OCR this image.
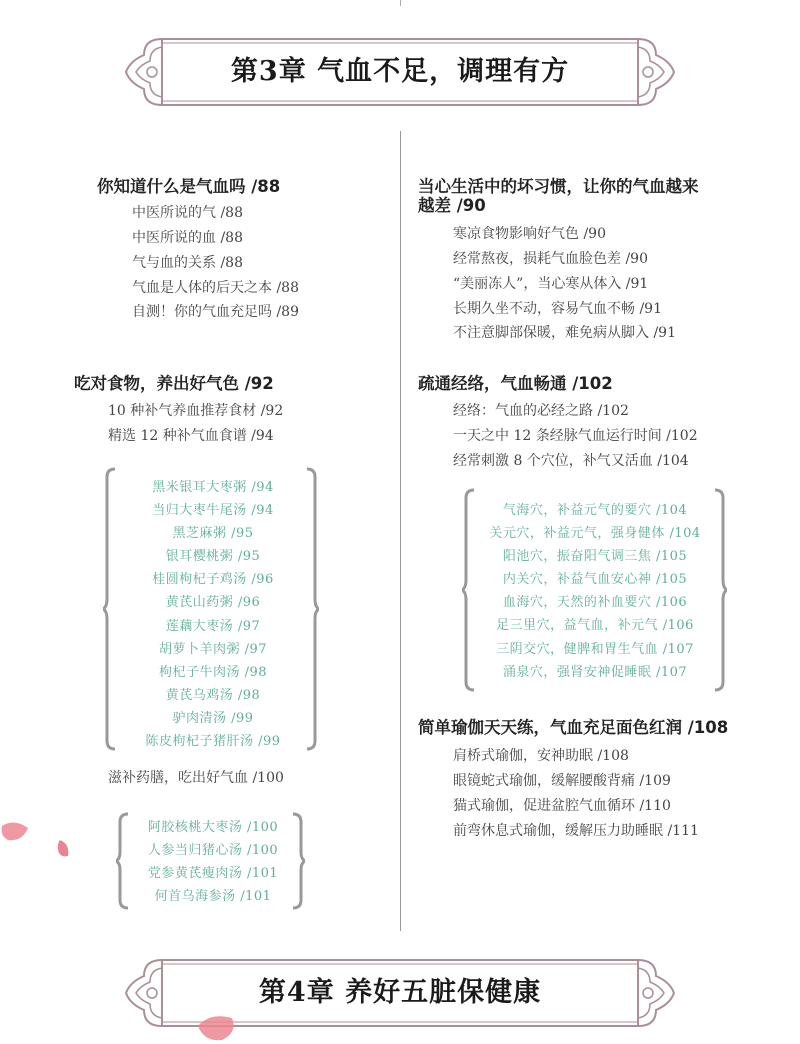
第3章 气血不足，调理有方
你知道什么是气血吗 /88
中医所说的气 /88
中医所说的血 /88
气与血的关系 /88
气血是人体的后天之本 /88
自测！你的气血充足吗 /89
吃对食物，养出好气色 /92
10 种补气养血推荐食材 /92
精选 12 种补气血食谱 /94
黑米银耳大枣粥 /94
当归大枣牛尾汤 /94
黑芝麻粥 /95
银耳樱桃粥 /95
桂圆枸杞子鸡汤 /96
黄芪山药粥 /96
莲藕大枣汤 /97
胡萝卜羊肉粥 /97
枸杞子牛肉汤 /98
黄芪乌鸡汤 /98
驴肉清汤 /99
陈皮枸杞子猪肝汤 /99
滋补药膳，吃出好气血 /100
阿胶核桃大枣汤 /100
人参当归猪心汤 /100
党参黄芪瘦肉汤 /101
何首乌海参汤 /101
当心生活中的坏习惯，让你的气血越来
越差 /90
寒凉食物影响好气色 /90
经常熬夜，损耗气血脸色差 /90
“美丽冻人”，当心寒从体入 /91
长期久坐不动，容易气血不畅 /91
不注意脚部保暖，难免病从脚入 /91
疏通经络，气血畅通 /102
经络：气血的必经之路 /102
一天之中 12 条经脉气血运行时间 /102
经常刺激 8 个穴位，补气又活血 /104
气海穴，补益元气的要穴 /104
关元穴，补益元气，强身健体 /104
阳池穴，振奋阳气调三焦 /105
内关穴，补益气血安心神 /105
血海穴，天然的补血要穴 /106
足三里穴，益气血，补元气 /106
三阴交穴，健脾和胃生气血 /107
涌泉穴，强肾安神促睡眠 /107
简单瑜伽天天练，气血充足面色红润 /108
肩桥式瑜伽，安神助眠 /108
眼镜蛇式瑜伽，缓解腰酸背痛 /109
猫式瑜伽，促进盆腔气血循环 /110
前弯休息式瑜伽，缓解压力助睡眠 /111
第4章 养好五脏保健康
